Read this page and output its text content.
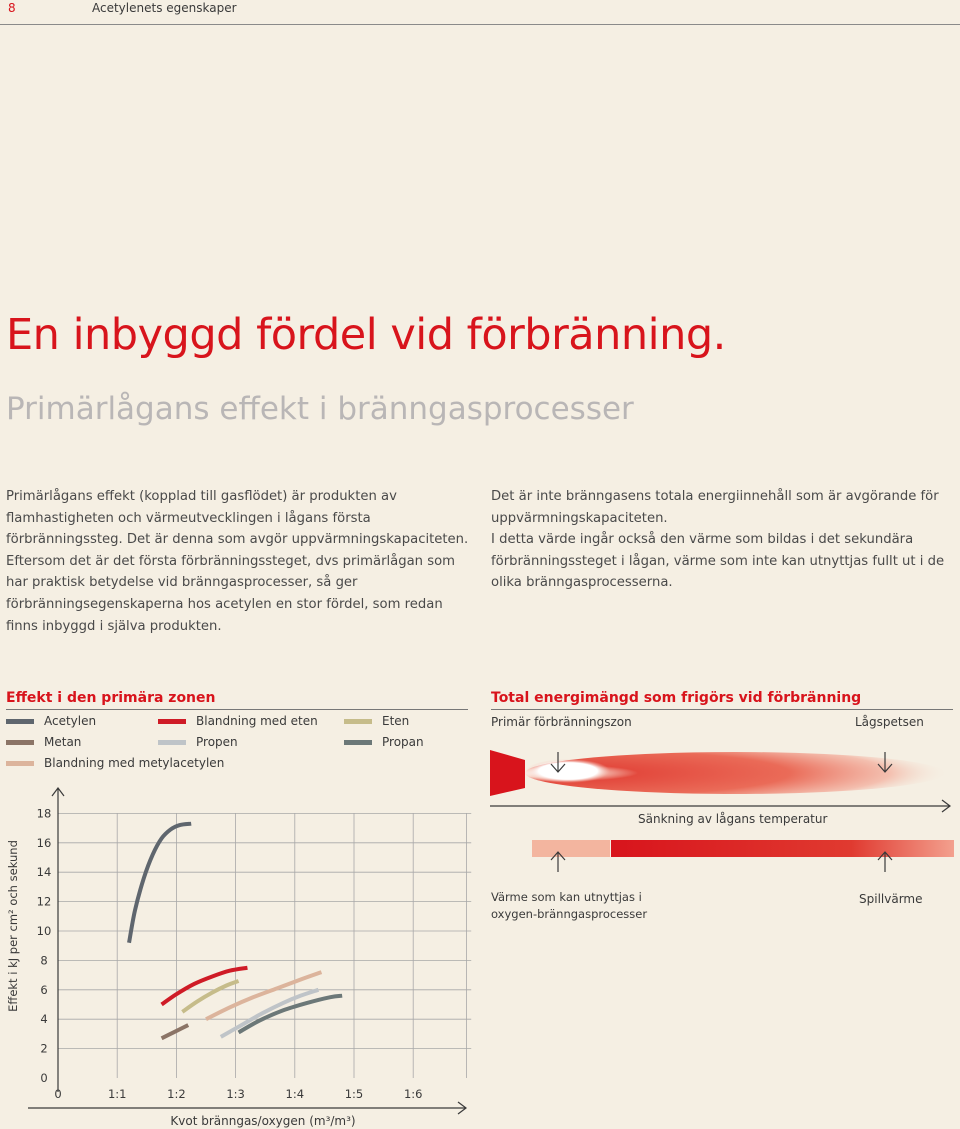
8	Acetylenets egenskaper
En inbyggd fördel vid förbränning.
Primärlågans effekt i bränngasprocesser

Primärlågans effekt (kopplad till gasflödet) är produkten av flamhastigheten och värmeutvecklingen i lågans första förbränningssteg. Det är denna som avgör uppvärmningskapaciteten. Eftersom det är det första förbränningssteget, dvs primärlågan som har praktisk betydelse vid bränngasprocesser, så ger förbränningsegenskaperna hos acetylen en stor fördel, som redan finns inbyggd i själva produkten.

Det är inte bränngasens totala energiinnehåll som är avgörande för uppvärmningskapaciteten.

I detta värde ingår också den värme som bildas i det sekundära förbränningssteget i lågan, värme som inte kan utnyttjas fullt ut i de olika bränngasprocesserna.

Effekt i den primära zonen
Acetylen
Metan
Blandning med metylacetylen
Blandning med eten
Propen
Eten
Propan
0
2
4
6
8
10
12
14
16
18
0	1:1	1:2	1:3	1:4	1:5	1:6
Effekt i kJ per cm² och sekund
Kvot bränngas/oxygen (m³/m³)
Total energimängd som frigörs vid förbränning
Primär förbränningszon	Lågspetsen
Sänkning av lågans temperatur
Värme som kan utnyttjas i oxygen-bränngasprocesser
Spillvärme
